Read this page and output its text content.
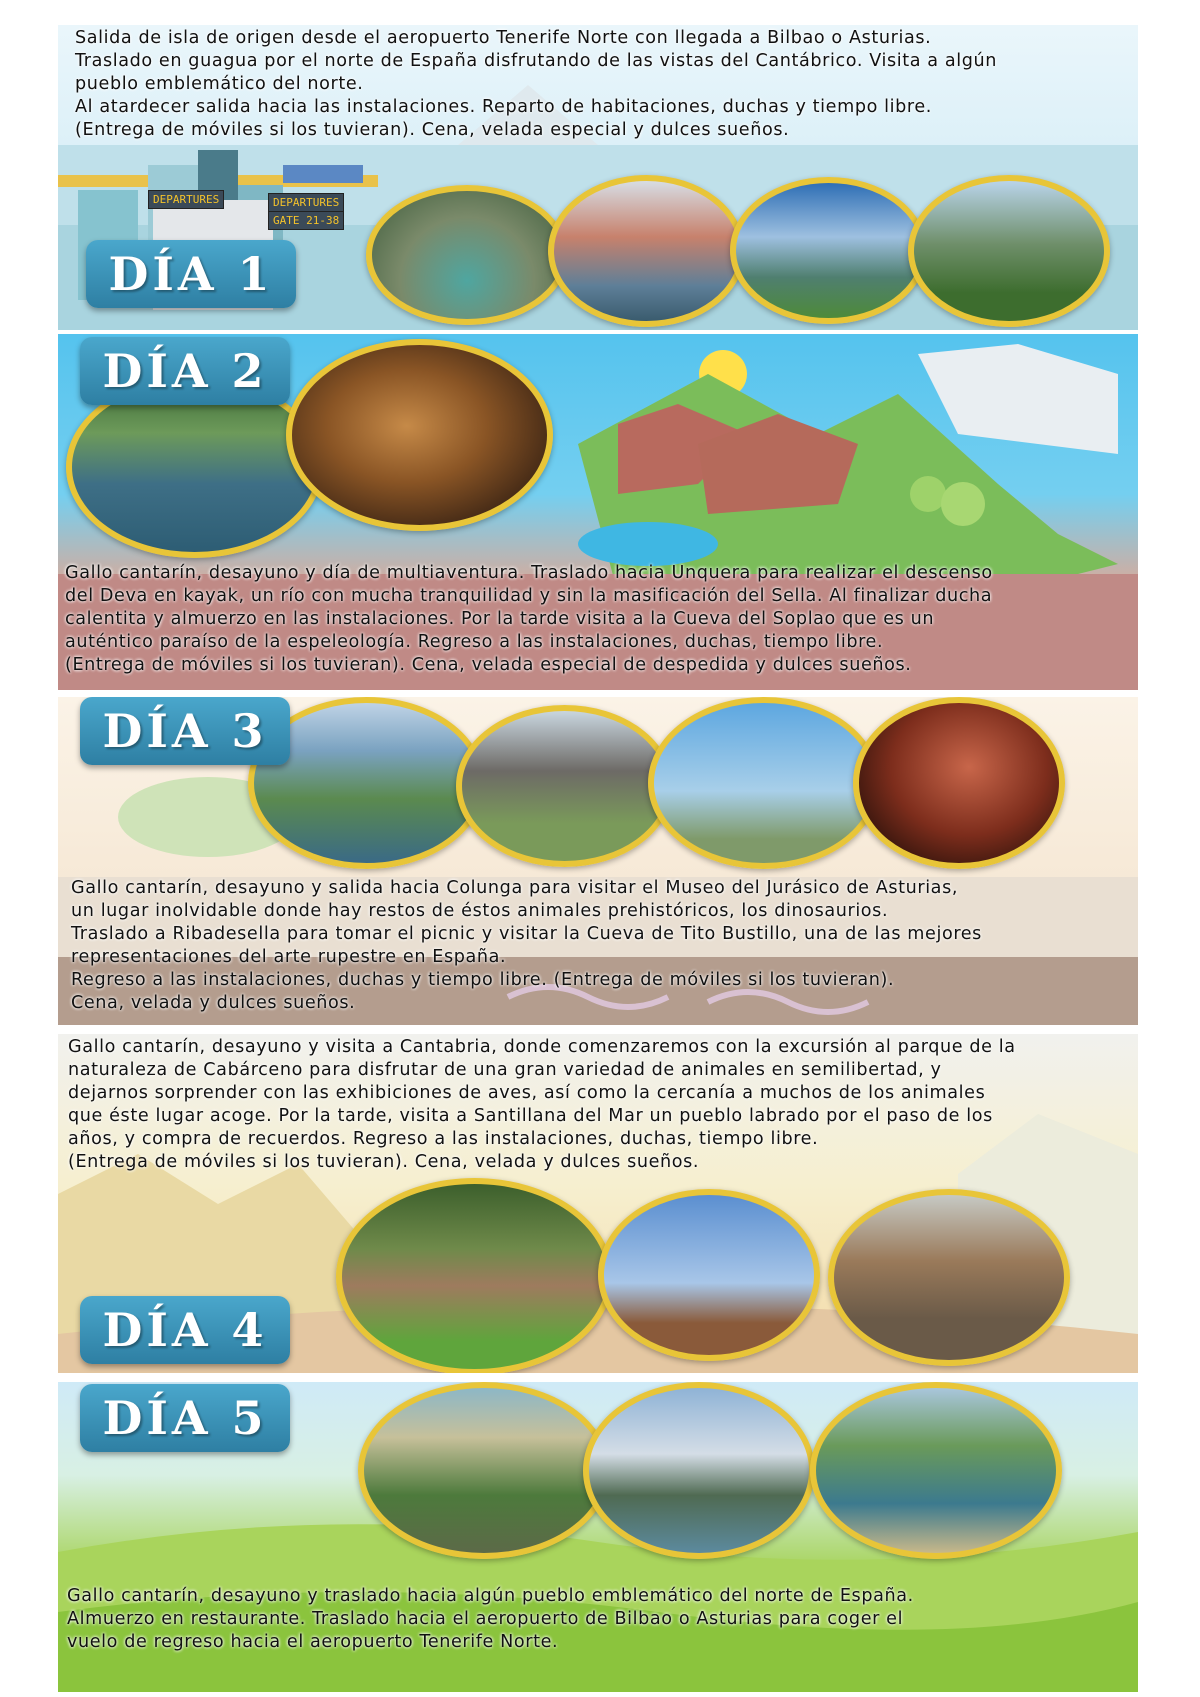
DEPARTURES	DEPARTURES
GATE 21-38
Salida de isla de origen desde el aeropuerto Tenerife Norte con llegada a Bilbao o Asturias.
Traslado en guagua por el norte de España disfrutando de las vistas del Cantábrico. Visita a algún
pueblo emblemático del norte.
Al atardecer salida hacia las instalaciones. Reparto de habitaciones, duchas y tiempo libre.
(Entrega de móviles si los tuvieran). Cena, velada especial y dulces sueños.
DÍA 1
DÍA 2
Gallo cantarín, desayuno y día de multiaventura. Traslado hacia Unquera para realizar el descenso
del Deva en kayak, un río con mucha tranquilidad y sin la masificación del Sella. Al finalizar ducha
calentita y almuerzo en las instalaciones. Por la tarde visita a la Cueva del Soplao que es un
auténtico paraíso de la espeleología. Regreso a las instalaciones, duchas, tiempo libre.
(Entrega de móviles si los tuvieran). Cena, velada especial de despedida y dulces sueños.
DÍA 3
Gallo cantarín, desayuno y salida hacia Colunga para visitar el Museo del Jurásico de Asturias,
un lugar inolvidable donde hay restos de éstos animales prehistóricos, los dinosaurios.
Traslado a Ribadesella para tomar el picnic y visitar la Cueva de Tito Bustillo, una de las mejores
representaciones del arte rupestre en España.
Regreso a las instalaciones, duchas y tiempo libre. (Entrega de móviles si los tuvieran).
Cena, velada y dulces sueños.
Gallo cantarín, desayuno y visita a Cantabria, donde comenzaremos con la excursión al parque de la
naturaleza de Cabárceno para disfrutar de una gran variedad de animales en semilibertad, y
dejarnos sorprender con las exhibiciones de aves, así como la cercanía a muchos de los animales
que éste lugar acoge. Por la tarde, visita a Santillana del Mar un pueblo labrado por el paso de los
años, y compra de recuerdos. Regreso a las instalaciones, duchas, tiempo libre.
(Entrega de móviles si los tuvieran). Cena, velada y dulces sueños.
DÍA 4
DÍA 5
Gallo cantarín, desayuno y traslado hacia algún pueblo emblemático del norte de España.
Almuerzo en restaurante. Traslado hacia el aeropuerto de Bilbao o Asturias para coger el
vuelo de regreso hacia el aeropuerto Tenerife Norte.
